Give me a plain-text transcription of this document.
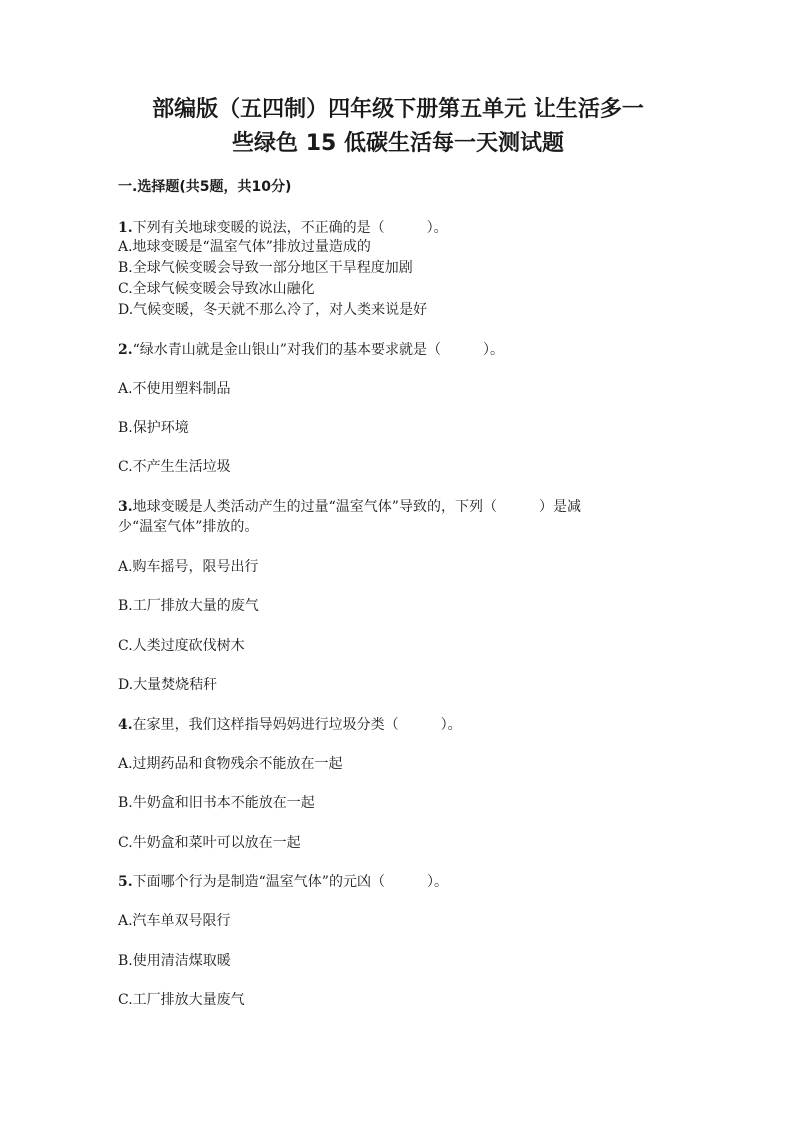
部编版（五四制）四年级下册第五单元 让生活多一
些绿色 15 低碳生活每一天测试题
一.选择题(共5题，共10分)
1.下列有关地球变暖的说法，不正确的是（　　　）。
A.地球变暖是“温室气体”排放过量造成的
B.全球气候变暖会导致一部分地区干旱程度加剧
C.全球气候变暖会导致冰山融化
D.气候变暖，冬天就不那么冷了，对人类来说是好
2.“绿水青山就是金山银山”对我们的基本要求就是（　　　）。
A.不使用塑料制品
B.保护环境
C.不产生生活垃圾
3.地球变暖是人类活动产生的过量“温室气体”导致的，下列（　　　）是减
少“温室气体”排放的。
A.购车摇号，限号出行
B.工厂排放大量的废气
C.人类过度砍伐树木
D.大量焚烧秸秆
4.在家里，我们这样指导妈妈进行垃圾分类（　　　）。
A.过期药品和食物残余不能放在一起
B.牛奶盒和旧书本不能放在一起
C.牛奶盒和菜叶可以放在一起
5.下面哪个行为是制造“温室气体”的元凶（　　　）。
A.汽车单双号限行
B.使用清洁煤取暖
C.工厂排放大量废气
